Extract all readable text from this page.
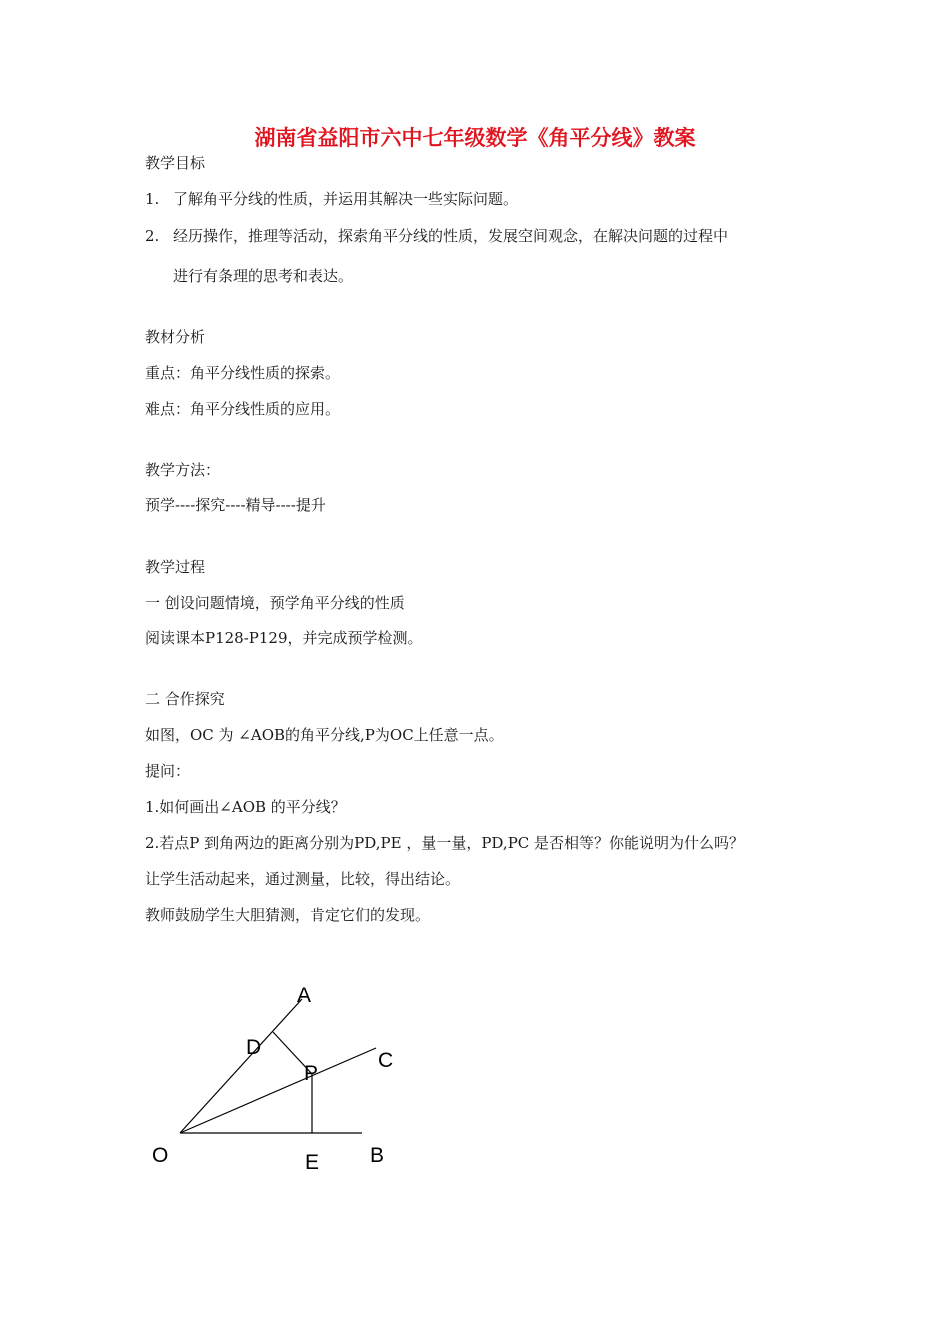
湖南省益阳市六中七年级数学《角平分线》教案
教学目标
1. 了解角平分线的性质，并运用其解决一些实际问题。
2. 经历操作，推理等活动，探索角平分线的性质，发展空间观念，在解决问题的过程中
进行有条理的思考和表达。
教材分析
重点：角平分线性质的探索。
难点：角平分线性质的应用。
教学方法：
预学----探究----精导----提升
教学过程
一 创设问题情境，预学角平分线的性质
阅读课本P128-P129，并完成预学检测。
二 合作探究
如图，OC 为 ∠AOB的角平分线,P为OC上任意一点。
提问：
1.如何画出∠AOB 的平分线？
2.若点P 到角两边的距离分别为PD,PE ，量一量，PD,PC 是否相等？你能说明为什么吗？
让学生活动起来，通过测量，比较，得出结论。
教师鼓励学生大胆猜测，肯定它们的发现。
A
D
C
P
O	E B
